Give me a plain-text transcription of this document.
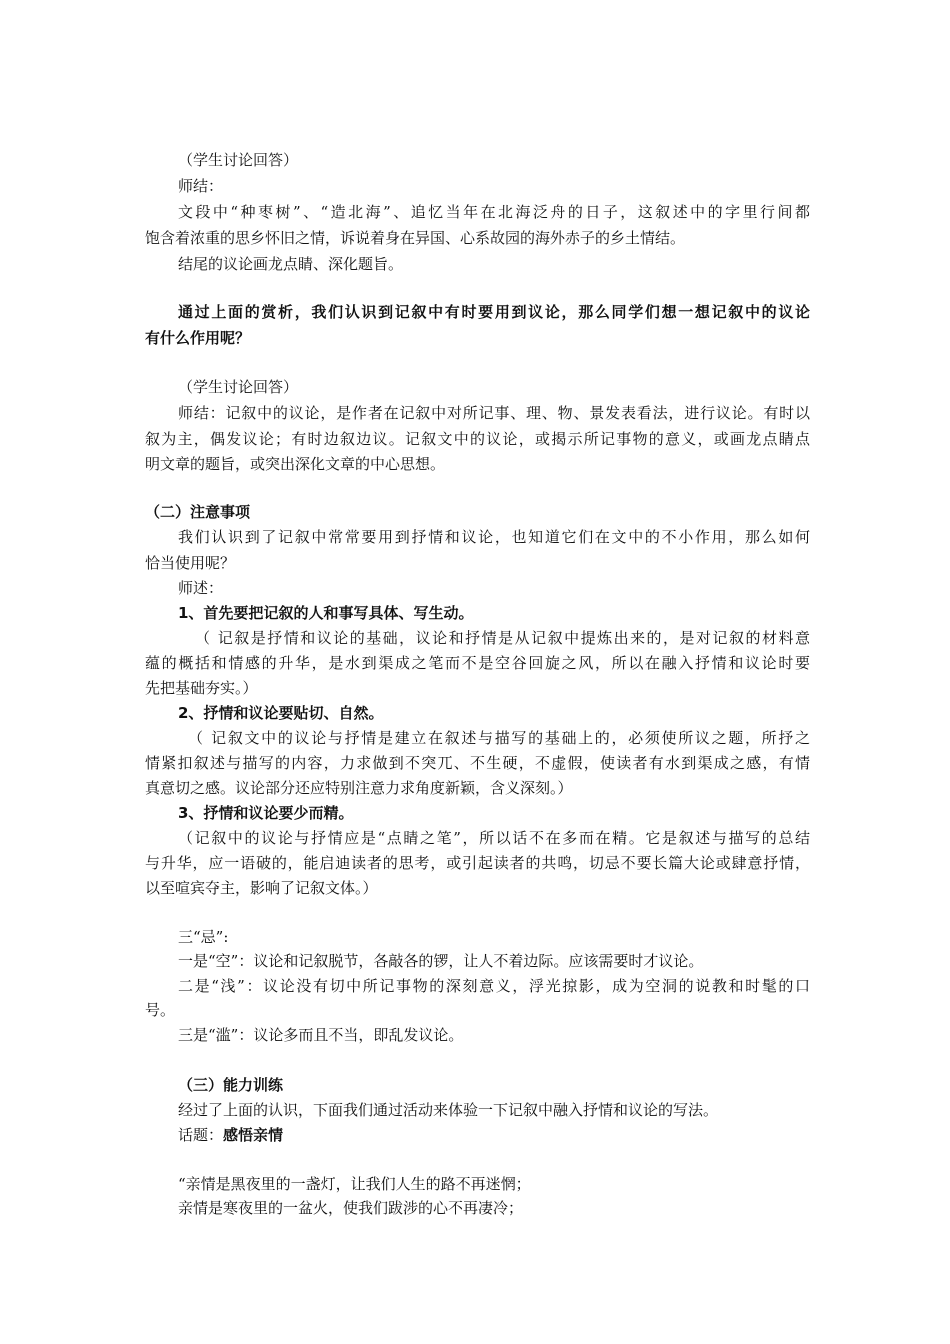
（学生讨论回答）
师结：
文段中“种枣树”、“造北海”、追忆当年在北海泛舟的日子，这叙述中的字里行间都
饱含着浓重的思乡怀旧之情，诉说着身在异国、心系故园的海外赤子的乡土情结。
结尾的议论画龙点睛、深化题旨。
通过上面的赏析，我们认识到记叙中有时要用到议论，那么同学们想一想记叙中的议论
有什么作用呢？
（学生讨论回答）
师结：记叙中的议论，是作者在记叙中对所记事、理、物、景发表看法，进行议论。有时以
叙为主，偶发议论；有时边叙边议。记叙文中的议论，或揭示所记事物的意义，或画龙点睛点
明文章的题旨，或突出深化文章的中心思想。
（二）注意事项
我们认识到了记叙中常常要用到抒情和议论，也知道它们在文中的不小作用，那么如何
恰当使用呢？
师述：
1、首先要把记叙的人和事写具体、写生动。
（ 记叙是抒情和议论的基础，议论和抒情是从记叙中提炼出来的，是对记叙的材料意
蕴的概括和情感的升华，是水到渠成之笔而不是空谷回旋之风，所以在融入抒情和议论时要
先把基础夯实。）
2、抒情和议论要贴切、自然。
（ 记叙文中的议论与抒情是建立在叙述与描写的基础上的，必须使所议之题，所抒之
情紧扣叙述与描写的内容，力求做到不突兀、不生硬，不虚假，使读者有水到渠成之感，有情
真意切之感。议论部分还应特别注意力求角度新颖，含义深刻。）
3、抒情和议论要少而精。
（记叙中的议论与抒情应是“点睛之笔”，所以话不在多而在精。它是叙述与描写的总结
与升华，应一语破的，能启迪读者的思考，或引起读者的共鸣，切忌不要长篇大论或肆意抒情，
以至喧宾夺主，影响了记叙文体。）
三“忌”:
一是“空”：议论和记叙脱节，各敲各的锣，让人不着边际。应该需要时才议论。
二是“浅”：议论没有切中所记事物的深刻意义，浮光掠影，成为空洞的说教和时髦的口
号。
三是“滥”：议论多而且不当，即乱发议论。
（三）能力训练
经过了上面的认识，下面我们通过活动来体验一下记叙中融入抒情和议论的写法。
话题：感悟亲情
“亲情是黑夜里的一盏灯，让我们人生的路不再迷惘；
亲情是寒夜里的一盆火，使我们跋涉的心不再凄冷；
